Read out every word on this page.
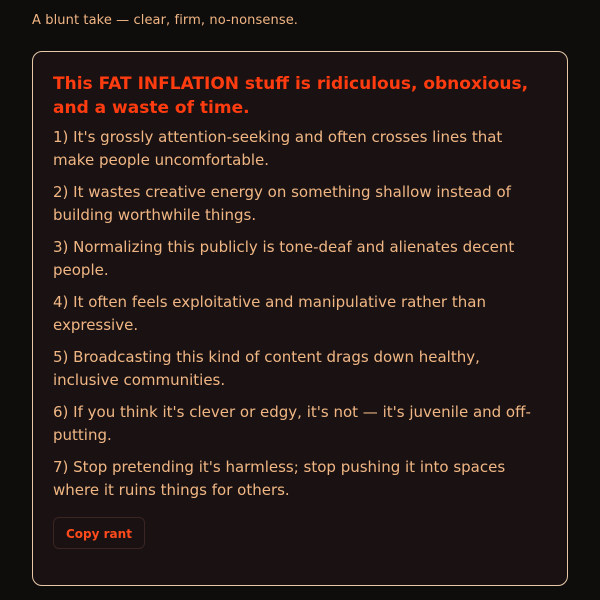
A blunt take — clear, firm, no-nonsense.
This FAT INFLATION stuff is ridiculous, obnoxious, and a waste of time.
1) It's grossly attention-seeking and often crosses lines that make people uncomfortable.
2) It wastes creative energy on something shallow instead of building worthwhile things.
3) Normalizing this publicly is tone-deaf and alienates decent people.
4) It often feels exploitative and manipulative rather than expressive.
5) Broadcasting this kind of content drags down healthy, inclusive communities.
6) If you think it's clever or edgy, it's not — it's juvenile and off-putting.
7) Stop pretending it's harmless; stop pushing it into spaces where it ruins things for others.
Copy rant
